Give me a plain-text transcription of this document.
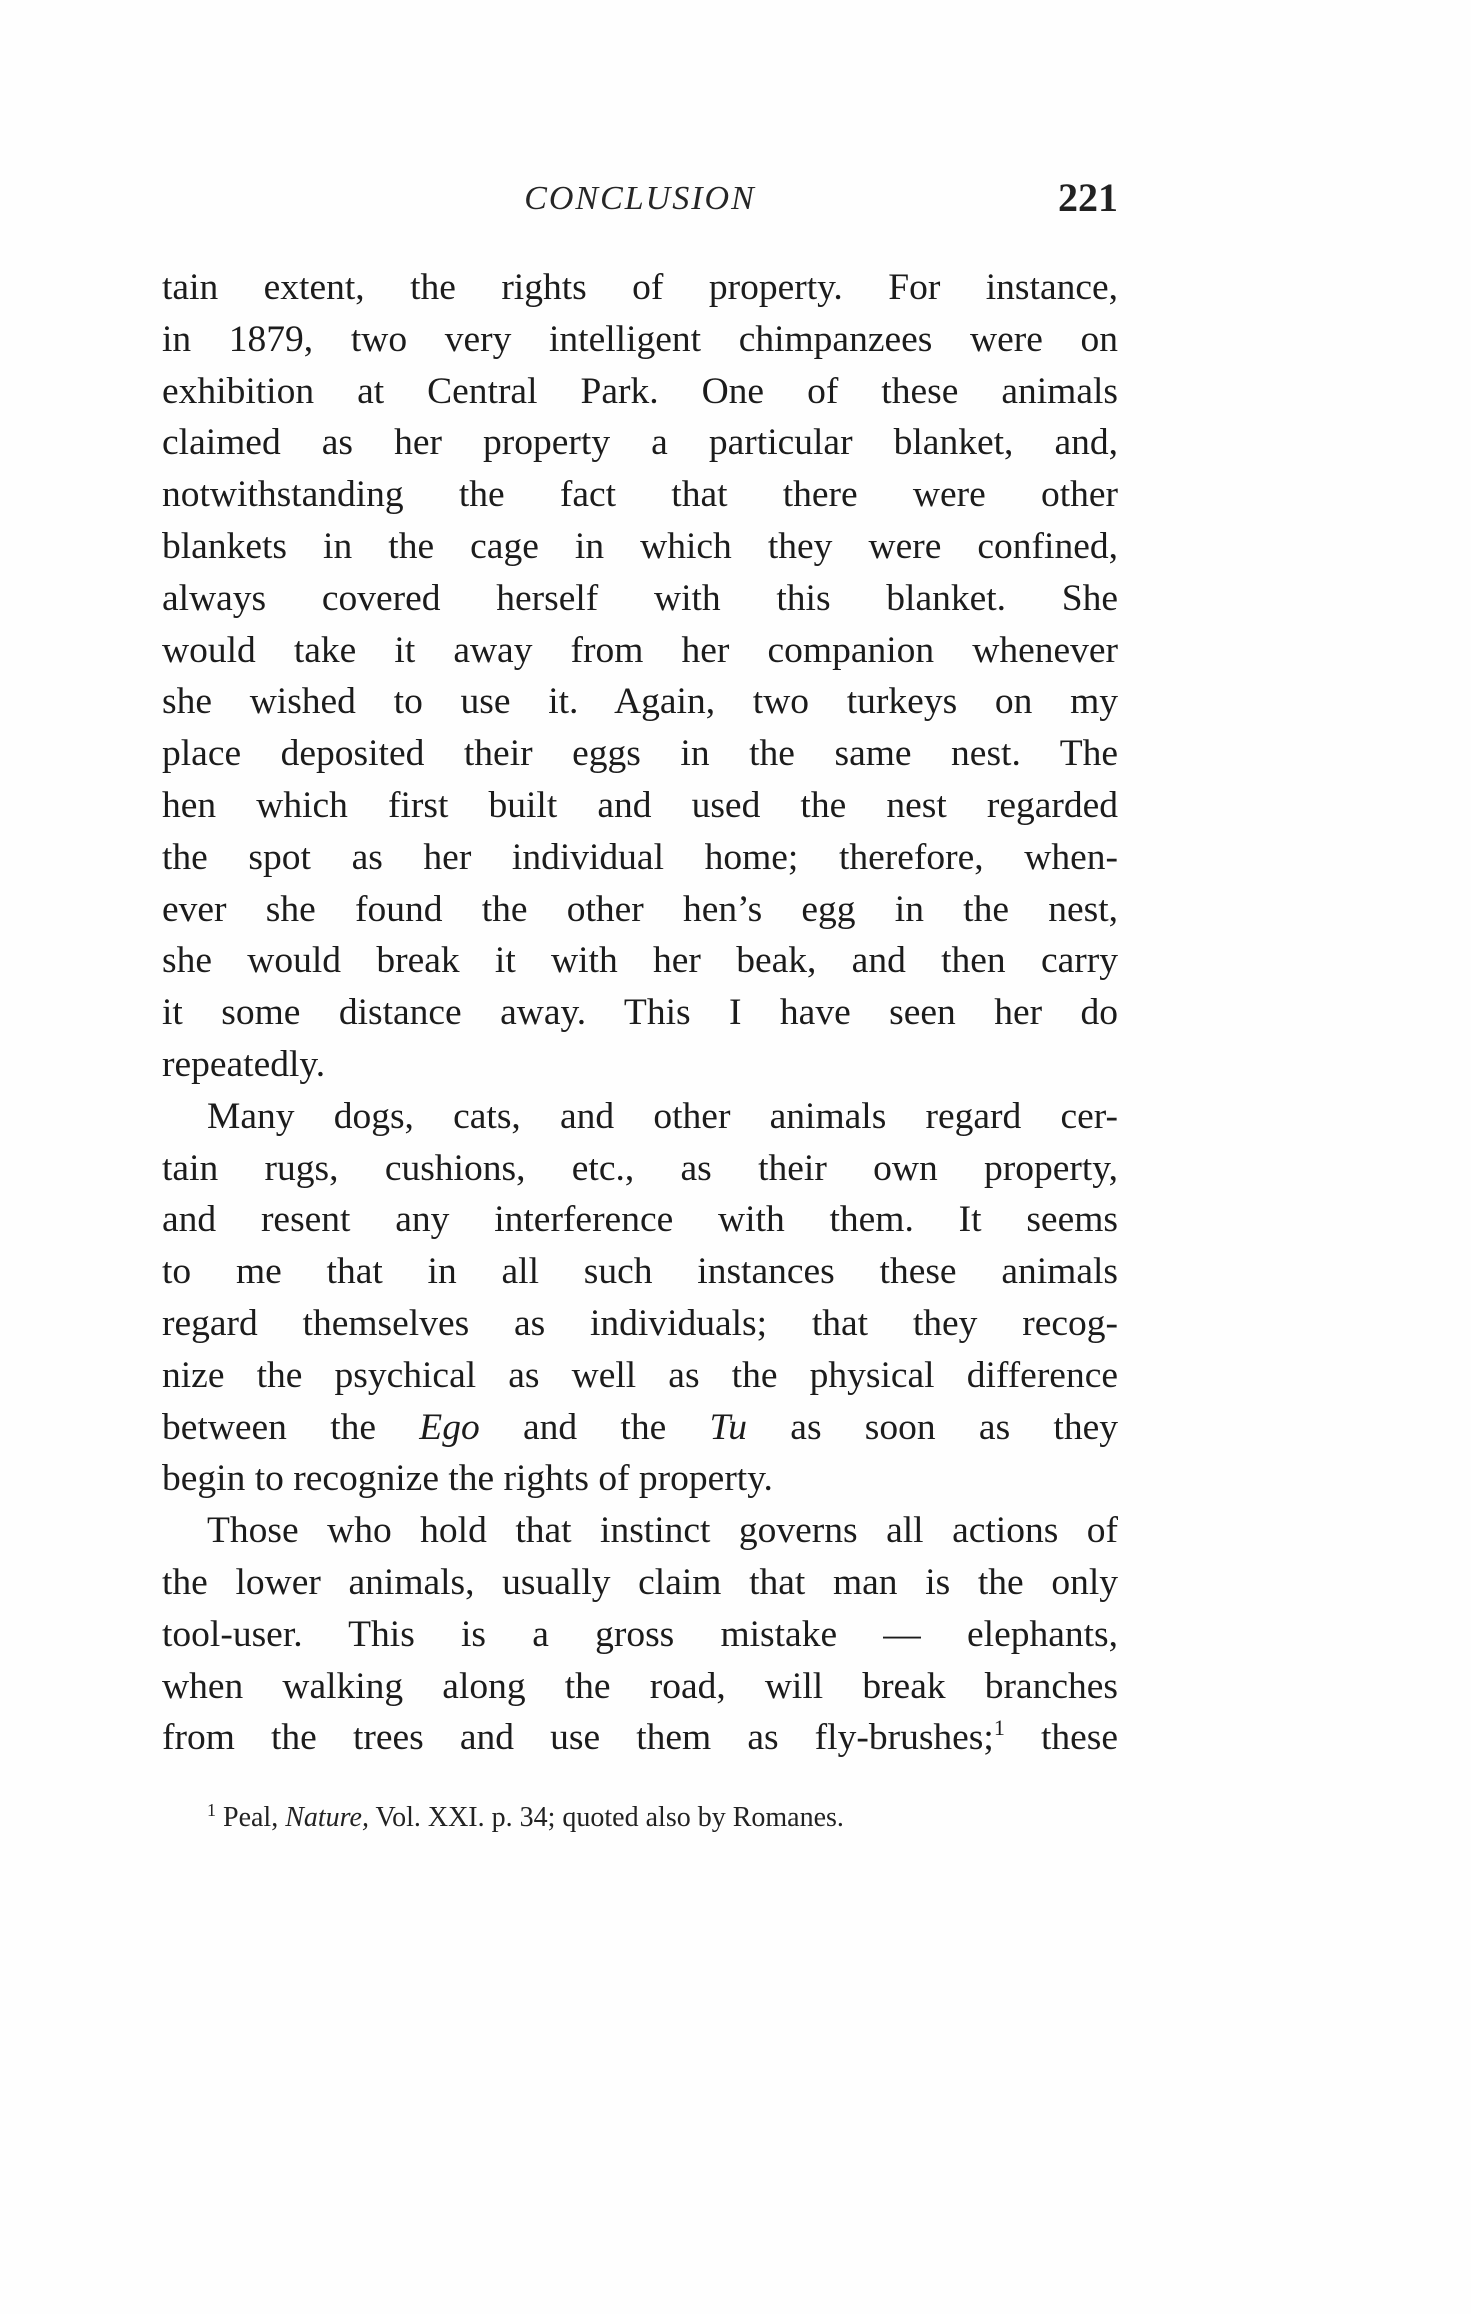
CONCLUSION	221
tain extent, the rights of property. For instance,
in 1879, two very intelligent chimpanzees were on
exhibition at Central Park. One of these animals
claimed as her property a particular blanket, and,
notwithstanding the fact that there were other
blankets in the cage in which they were confined,
always covered herself with this blanket. She
would take it away from her companion whenever
she wished to use it. Again, two turkeys on my
place deposited their eggs in the same nest. The
hen which first built and used the nest regarded
the spot as her individual home; therefore, when-
ever she found the other hen’s egg in the nest,
she would break it with her beak, and then carry
it some distance away. This I have seen her do
repeatedly.
Many dogs, cats, and other animals regard cer-
tain rugs, cushions, etc., as their own property,
and resent any interference with them. It seems
to me that in all such instances these animals
regard themselves as individuals; that they recog-
nize the psychical as well as the physical difference
between the Ego and the Tu as soon as they
begin to recognize the rights of property.
Those who hold that instinct governs all actions of
the lower animals, usually claim that man is the only
tool-user. This is a gross mistake — elephants,
when walking along the road, will break branches
from the trees and use them as fly-brushes;$^1$ these
$^1$ Peal, Nature, Vol. XXI. p. 34; quoted also by Romanes.
